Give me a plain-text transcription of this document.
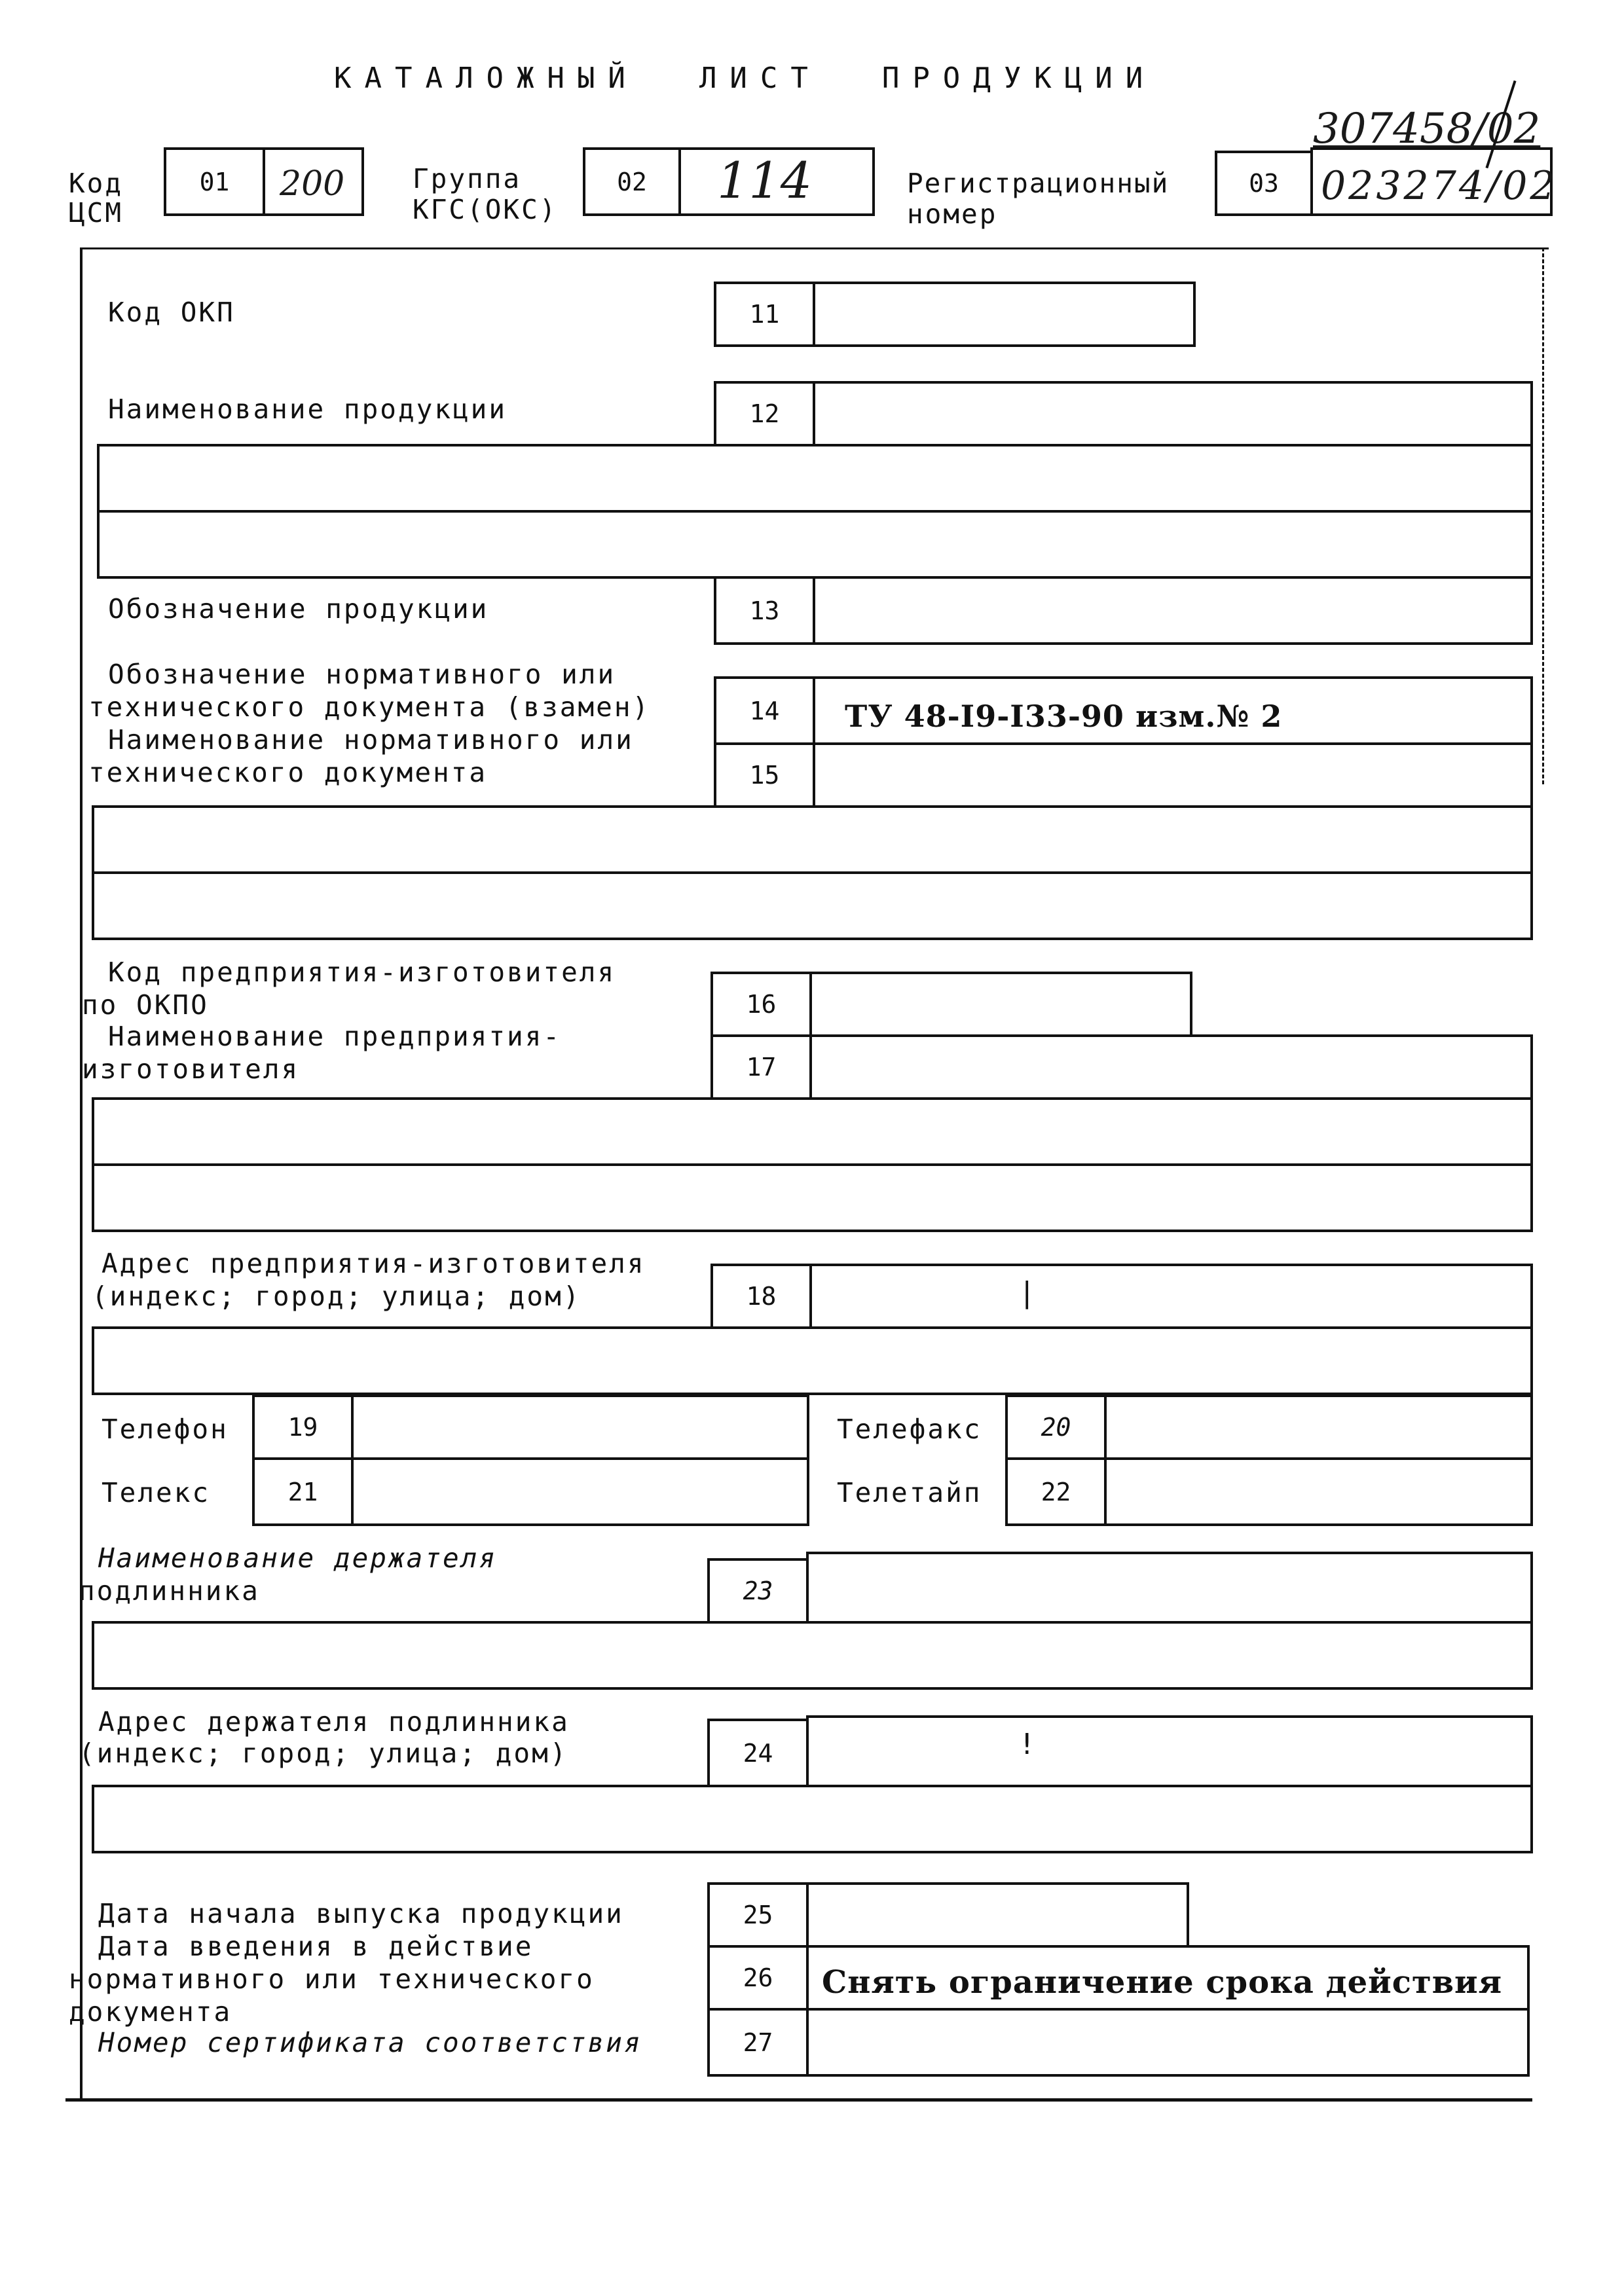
КАТАЛОЖНЫЙ  ЛИСТ  ПРОДУКЦИИ
307458/02
Код
ЦСМ
01	200	Группа
КГС(ОКС)
02	114	Регистрационный
номер
03	023274/02
Код ОКП	11
Наименование продукции	12
Обозначение продукции	13
Обозначение нормативного или
технического документа (взамен)	14	ТУ 48-I9-I33-90 изм.№ 2
Наименование нормативного или
технического документа	15
Код предприятия-изготовителя
по ОКПО	16
Наименование предприятия-
изготовителя	17
Адрес предприятия-изготовителя
(индекс; город; улица; дом)	18	|
Телефон	19
Телекс	21
Телефакс	20
Телетайп	22
Наименование держателя
подлинника	23
Адрес держателя подлинника
(индекс; город; улица; дом)	24	!
Дата начала выпуска продукции	25
Дата введения в действие
нормативного или технического
документа
26	Снять ограничение срока действия
Номер сертификата соответствия	27
